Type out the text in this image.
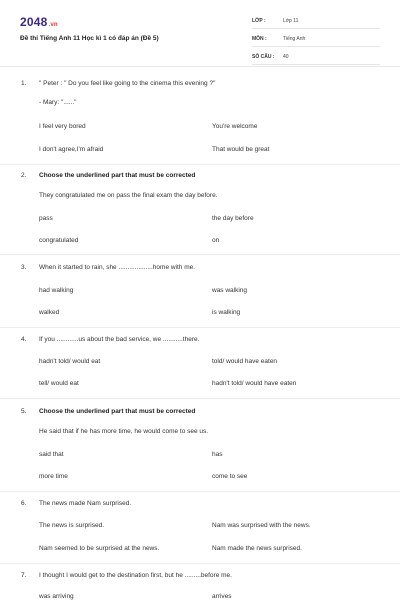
2048.vn
Đề thi Tiếng Anh 11 Học kì 1 có đáp án (Đề 5)
LỚP :	Lớp 11
MÔN :	Tiếng Anh
SỐ CÂU : 40
1. " Peter : " Do you feel like going to the cinema this evening ?"
- Mary: "......"
I feel very bored	You're welcome
I don't agree,I'm afraid	That would be great
2. Choose the underlined part that must be corrected
They congratulated me on pass the final exam the day before.
pass	the day before
congratulated	on
3. When it started to rain, she ...................home with me.
had walking	was walking
walked	is walking
4. If you ............us about the bad service, we ...........there.
hadn't told/ would eat	told/ would have eaten
tell/ would eat	hadn't told/ would have eaten
5. Choose the underlined part that must be corrected
He said that if he has more time, he would come to see us.
said that	has
more time	come to see
6. The news made Nam surprised.
The news is surprised.	Nam was surprised with the news.
Nam seemed to be surprised at the news.	Nam made the news surprised.
7. I thought I would get to the destination first, but he .........before me.
was arriving	arrives
